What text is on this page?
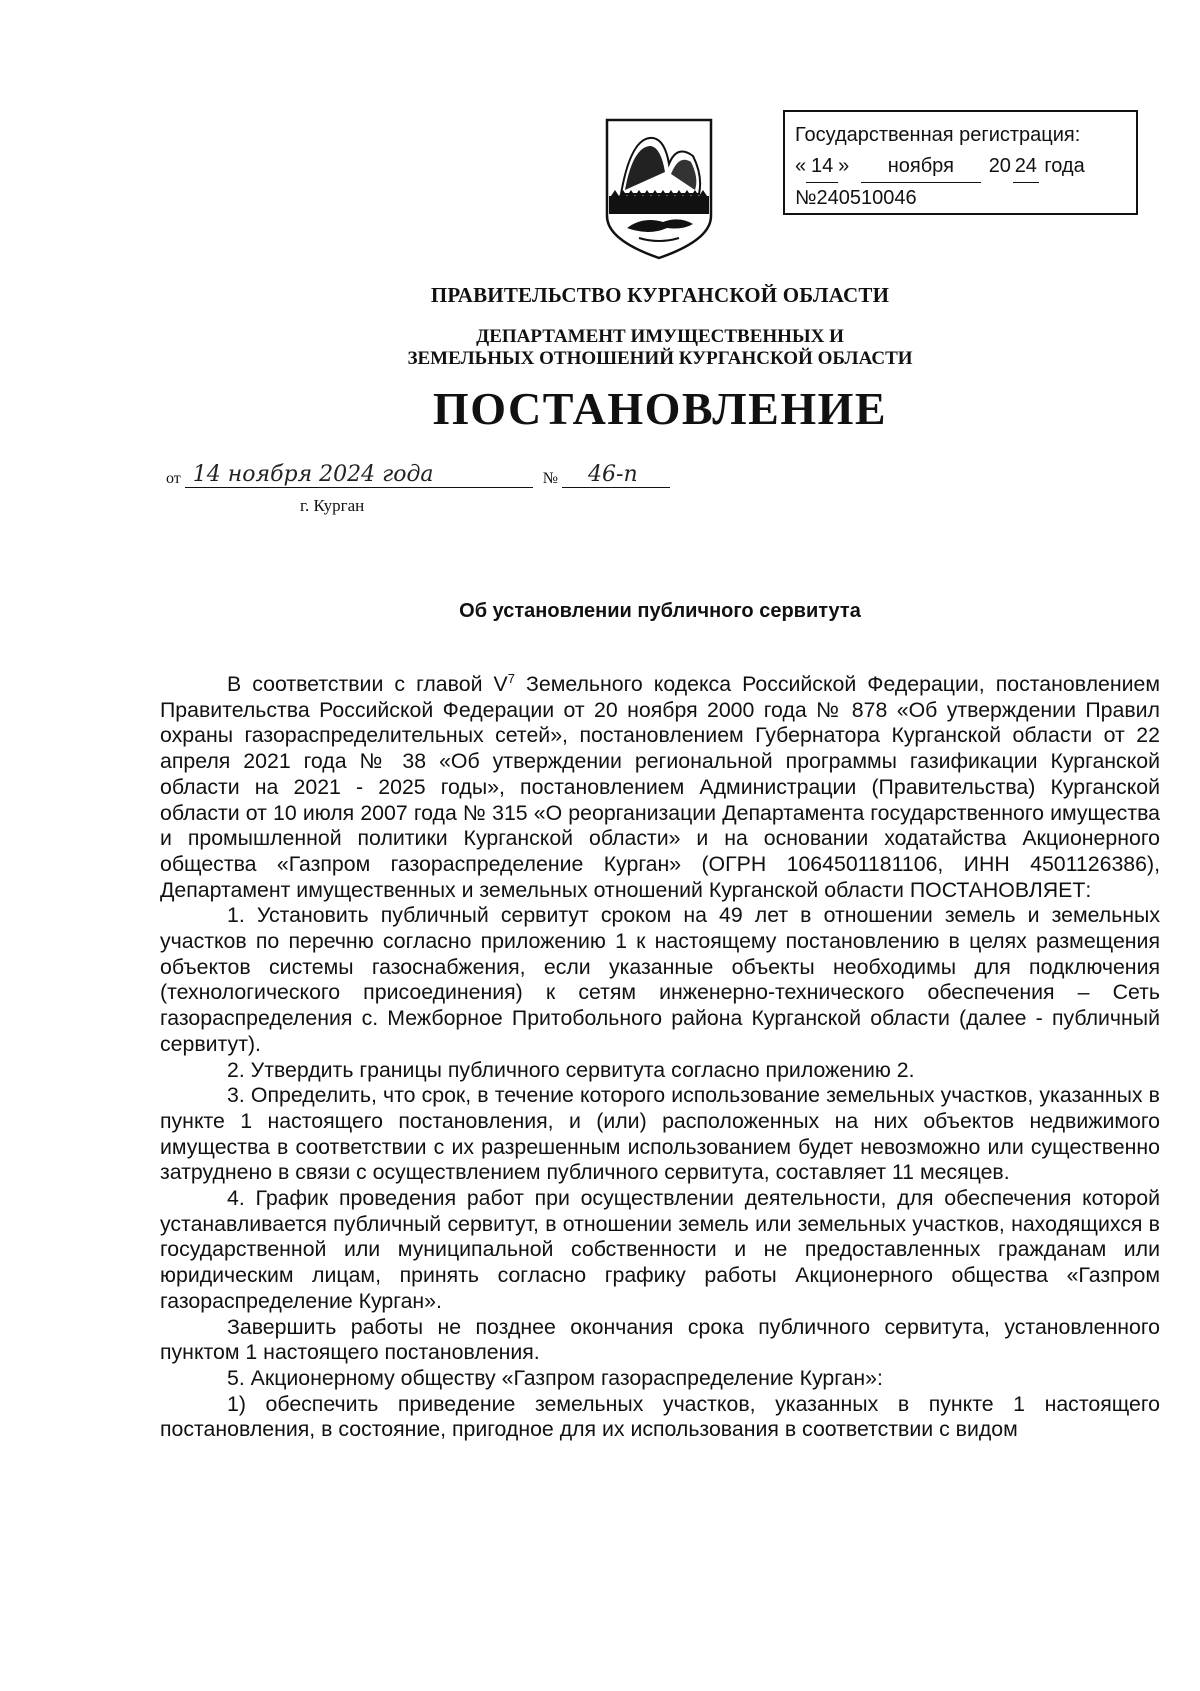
Государственная регистрация:
« 14 » ноября 20 24 года
№240510046
ПРАВИТЕЛЬСТВО КУРГАНСКОЙ ОБЛАСТИ
ДЕПАРТАМЕНТ ИМУЩЕСТВЕННЫХ И
ЗЕМЕЛЬНЫХ ОТНОШЕНИЙ КУРГАНСКОЙ ОБЛАСТИ
ПОСТАНОВЛЕНИЕ
от 14 ноября 2024 года	№ 46-п
г. Курган
Об установлении публичного сервитута

В соответствии с главой $V^7$ Земельного кодекса Российской Федерации, постановлением Правительства Российской Федерации от 20 ноября 2000 года № 878 «Об утверждении Правил охраны газораспределительных сетей», постановлением Губернатора Курганской области от 22 апреля 2021 года № 38 «Об утверждении региональной программы газификации Курганской области на 2021 - 2025 годы», постановлением Администрации (Правительства) Курганской области от 10 июля 2007 года № 315 «О реорганизации Департамента государственного имущества и промышленной политики Курганской области» и на основании ходатайства Акционерного общества «Газпром газораспределение Курган» (ОГРН 1064501181106, ИНН 4501126386), Департамент имущественных и земельных отношений Курганской области ПОСТАНОВЛЯЕТ:

1. Установить публичный сервитут сроком на 49 лет в отношении земель и земельных участков по перечню согласно приложению 1 к настоящему постановлению в целях размещения объектов системы газоснабжения, если указанные объекты необходимы для подключения (технологического присоединения) к сетям инженерно-технического обеспечения – Сеть газораспределения с. Межборное Притобольного района Курганской области (далее - публичный сервитут).

2. Утвердить границы публичного сервитута согласно приложению 2.

3. Определить, что срок, в течение которого использование земельных участков, указанных в пункте 1 настоящего постановления, и (или) расположенных на них объектов недвижимого имущества в соответствии с их разрешенным использованием будет невозможно или существенно затруднено в связи с осуществлением публичного сервитута, составляет 11 месяцев.

4. График проведения работ при осуществлении деятельности, для обеспечения которой устанавливается публичный сервитут, в отношении земель или земельных участков, находящихся в государственной или муниципальной собственности и не предоставленных гражданам или юридическим лицам, принять согласно графику работы Акционерного общества «Газпром газораспределение Курган».

Завершить работы не позднее окончания срока публичного сервитута, установленного пунктом 1 настоящего постановления.

5. Акционерному обществу «Газпром газораспределение Курган»:

1) обеспечить приведение земельных участков, указанных в пункте 1 настоящего постановления, в состояние, пригодное для их использования в соответствии с видом
